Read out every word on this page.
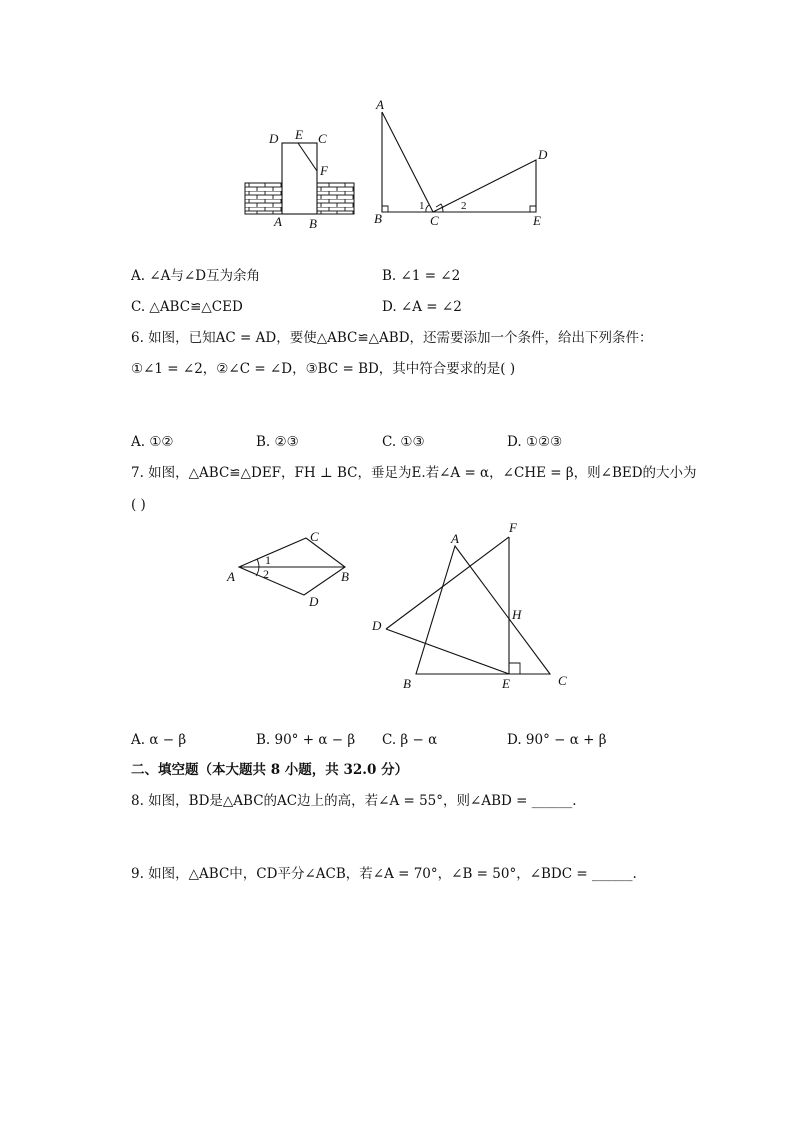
D E C
F
A B
A
B	C
D
E
1	2
A. ∠A与∠D互为余角	B. ∠1 = ∠2
C. △ABC≌△CED	D. ∠A = ∠2
6. 如图，已知AC = AD，要使△ABC≌△ABD，还需要添加一个条件，给出下列条件：
①∠1 = ∠2，②∠C = ∠D，③BC = BD，其中符合要求的是( )
A. ①②	B. ②③	C. ①③	D. ①②③
7. 如图，△ABC≌△DEF，FH ⊥ BC，垂足为E.若∠A = α，∠CHE = β，则∠BED的大小为
( )
A	B
C
D
1
2
A
B	C
D
E
F
H
A. α − β	B. 90° + α − β C. β − α	D. 90° − α + β
二、填空题（本大题共 8 小题，共 32.0 分）
8. 如图，BD是△ABC的AC边上的高，若∠A = 55°，则∠ABD = ______.
9. 如图，△ABC中，CD平分∠ACB，若∠A = 70°，∠B = 50°，∠BDC = ______.
